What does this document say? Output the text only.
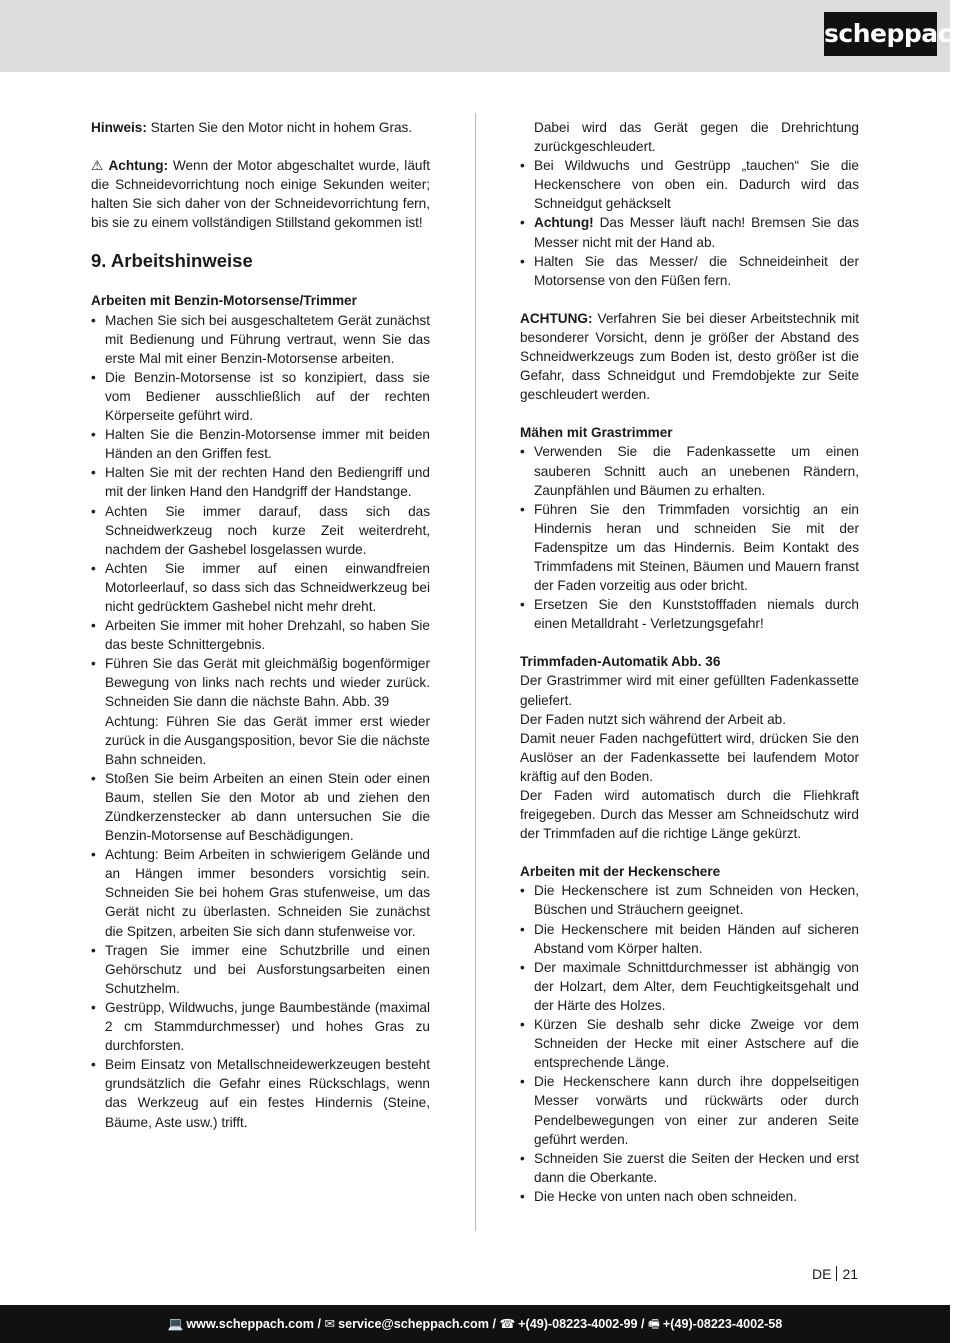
scheppach

Hinweis: Starten Sie den Motor nicht in hohem Gras.

⚠ Achtung: Wenn der Motor abgeschaltet wurde, läuft die Schneidevorrichtung noch einige Sekunden weiter; halten Sie sich daher von der Schneidevorrichtung fern, bis sie zu einem vollständigen Stillstand gekommen ist!

9. Arbeitshinweise

Arbeiten mit Benzin-Motorsense/Trimmer

• Machen Sie sich bei ausgeschaltetem Gerät zunächst mit Bedienung und Führung vertraut, wenn Sie das erste Mal mit einer Benzin-Motorsense arbeiten.
• Die Benzin-Motorsense ist so konzipiert, dass sie vom Bediener ausschließlich auf der rechten Körperseite geführt wird.
• Halten Sie die Benzin-Motorsense immer mit beiden Händen an den Griffen fest.
• Halten Sie mit der rechten Hand den Bediengriff und mit der linken Hand den Handgriff der Handstange.
• Achten Sie immer darauf, dass sich das Schneidwerkzeug noch kurze Zeit weiterdreht, nachdem der Gashebel losgelassen wurde.
• Achten Sie immer auf einen einwandfreien Motorleerlauf, so dass sich das Schneidwerkzeug bei nicht gedrücktem Gashebel nicht mehr dreht.
• Arbeiten Sie immer mit hoher Drehzahl, so haben Sie das beste Schnittergebnis.
• Führen Sie das Gerät mit gleichmäßig bogenförmiger Bewegung von links nach rechts und wieder zurück. Schneiden Sie dann die nächste Bahn. Abb. 39

Achtung: Führen Sie das Gerät immer erst wieder zurück in die Ausgangsposition, bevor Sie die nächste Bahn schneiden.

• Stoßen Sie beim Arbeiten an einen Stein oder einen Baum, stellen Sie den Motor ab und ziehen den Zündkerzenstecker ab dann untersuchen Sie die Benzin-Motorsense auf Beschädigungen.
• Achtung: Beim Arbeiten in schwierigem Gelände und an Hängen immer besonders vorsichtig sein. Schneiden Sie bei hohem Gras stufenweise, um das Gerät nicht zu überlasten. Schneiden Sie zunächst die Spitzen, arbeiten Sie sich dann stufenweise vor.
• Tragen Sie immer eine Schutzbrille und einen Gehörschutz und bei Ausforstungsarbeiten einen Schutzhelm.
• Gestrüpp, Wildwuchs, junge Baumbestände (maximal 2 cm Stammdurchmesser) und hohes Gras zu durchforsten.
• Beim Einsatz von Metallschneidewerkzeugen besteht grundsätzlich die Gefahr eines Rückschlags, wenn das Werkzeug auf ein festes Hindernis (Steine, Bäume, Aste usw.) trifft.

Dabei wird das Gerät gegen die Drehrichtung zurückgeschleudert.

• Bei Wildwuchs und Gestrüpp „tauchen“ Sie die Heckenschere von oben ein. Dadurch wird das Schneidgut gehäckselt
• Achtung! Das Messer läuft nach! Bremsen Sie das Messer nicht mit der Hand ab.
• Halten Sie das Messer/ die Schneideinheit der Motorsense von den Füßen fern.

ACHTUNG: Verfahren Sie bei dieser Arbeitstechnik mit besonderer Vorsicht, denn je größer der Abstand des Schneidwerkzeugs zum Boden ist, desto größer ist die Gefahr, dass Schneidgut und Fremdobjekte zur Seite geschleudert werden.

Mähen mit Grastrimmer

• Verwenden Sie die Fadenkassette um einen sauberen Schnitt auch an unebenen Rändern, Zaunpfählen und Bäumen zu erhalten.
• Führen Sie den Trimmfaden vorsichtig an ein Hindernis heran und schneiden Sie mit der Fadenspitze um das Hindernis. Beim Kontakt des Trimmfadens mit Steinen, Bäumen und Mauern franst der Faden vorzeitig aus oder bricht.
• Ersetzen Sie den Kunststofffaden niemals durch einen Metalldraht - Verletzungsgefahr!

Trimmfaden-Automatik Abb. 36

Der Grastrimmer wird mit einer gefüllten Fadenkassette geliefert.

Der Faden nutzt sich während der Arbeit ab.

Damit neuer Faden nachgefüttert wird, drücken Sie den Auslöser an der Fadenkassette bei laufendem Motor kräftig auf den Boden.

Der Faden wird automatisch durch die Fliehkraft freigegeben. Durch das Messer am Schneidschutz wird der Trimmfaden auf die richtige Länge gekürzt.

Arbeiten mit der Heckenschere

• Die Heckenschere ist zum Schneiden von Hecken, Büschen und Sträuchern geeignet.
• Die Heckenschere mit beiden Händen auf sicheren Abstand vom Körper halten.
• Der maximale Schnittdurchmesser ist abhängig von der Holzart, dem Alter, dem Feuchtigkeitsgehalt und der Härte des Holzes.
• Kürzen Sie deshalb sehr dicke Zweige vor dem Schneiden der Hecke mit einer Astschere auf die entsprechende Länge.
• Die Heckenschere kann durch ihre doppelseitigen Messer vorwärts und rückwärts oder durch Pendelbewegungen von einer zur anderen Seite geführt werden.
• Schneiden Sie zuerst die Seiten der Hecken und erst dann die Oberkante.
• Die Hecke von unten nach oben schneiden.
DE 21
💻 www.scheppach.com / ✉ service@scheppach.com / ☎ +(49)-08223-4002-99 / 🖷 +(49)-08223-4002-58
